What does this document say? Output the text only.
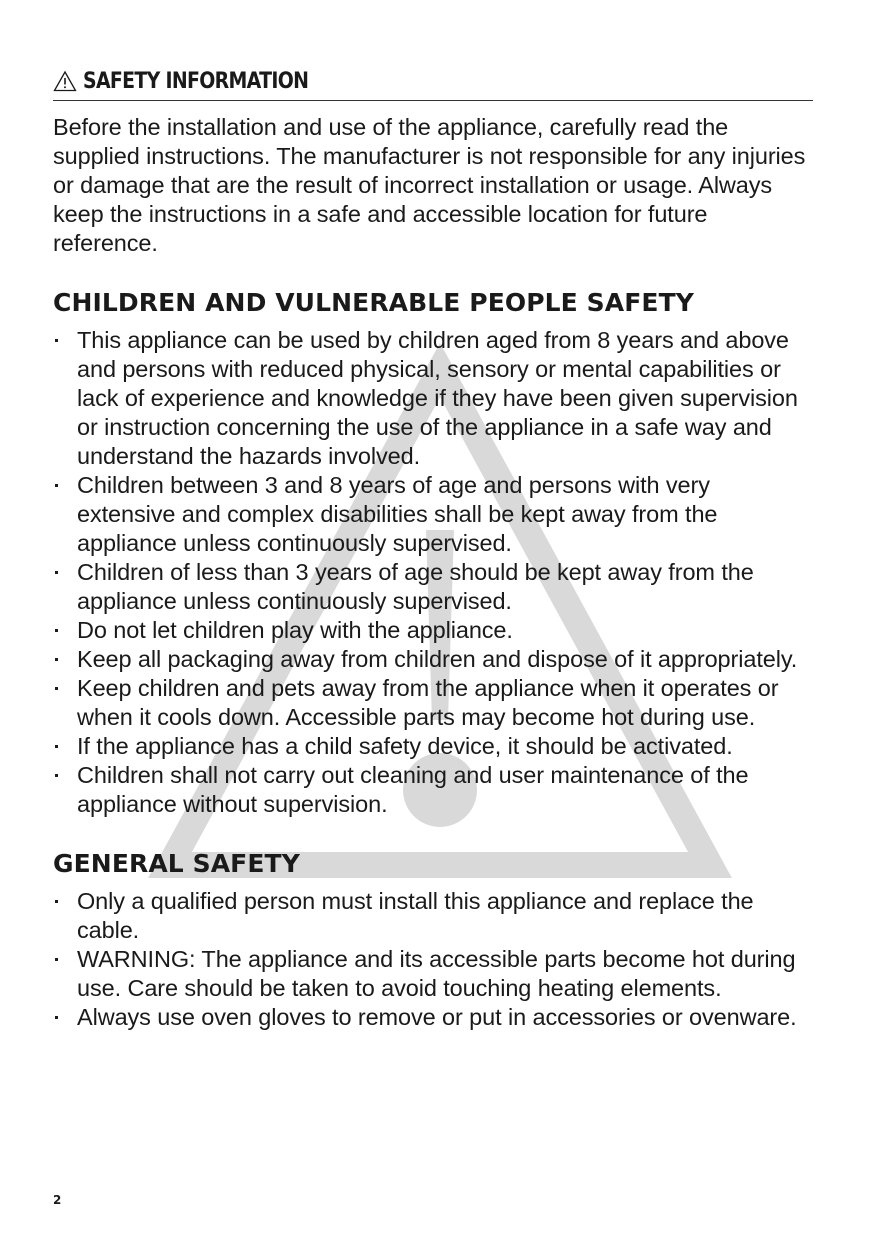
SAFETY INFORMATION

Before the installation and use of the appliance, carefully read the supplied instructions. The manufacturer is not responsible for any injuries or damage that are the result of incorrect installation or usage. Always keep the instructions in a safe and accessible location for future reference.

CHILDREN AND VULNERABLE PEOPLE SAFETY
This appliance can be used by children aged from 8 years and above and persons with reduced physical, sensory or mental capabilities or lack of experience and knowledge if they have been given supervision or instruction concerning the use of the appliance in a safe way and understand the hazards involved.
Children between 3 and 8 years of age and persons with very extensive and complex disabilities shall be kept away from the appliance unless continuously supervised.
Children of less than 3 years of age should be kept away from the appliance unless continuously supervised.
Do not let children play with the appliance.
Keep all packaging away from children and dispose of it appropriately.
Keep children and pets away from the appliance when it operates or when it cools down. Accessible parts may become hot during use.
If the appliance has a child safety device, it should be activated.
Children shall not carry out cleaning and user maintenance of the appliance without supervision.
GENERAL SAFETY
Only a qualified person must install this appliance and replace the cable.
WARNING: The appliance and its accessible parts become hot during use. Care should be taken to avoid touching heating elements.
Always use oven gloves to remove or put in accessories or ovenware.
2
